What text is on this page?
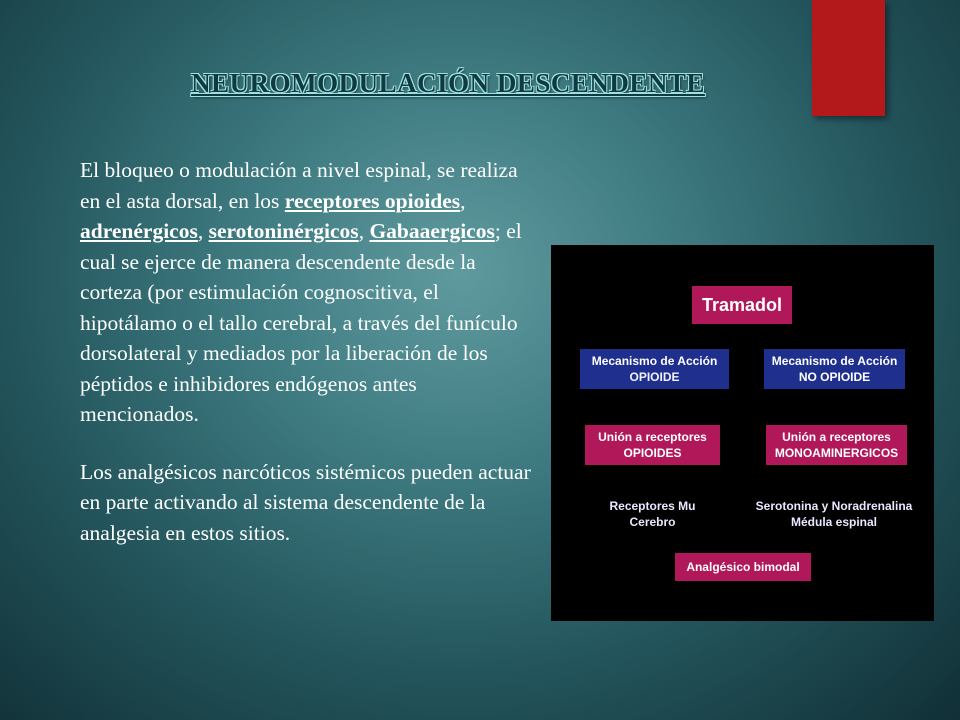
NEUROMODULACIÓN DESCENDENTE

El bloqueo o modulación a nivel espinal, se realiza en el asta dorsal, en los receptores opioides, adrenérgicos, serotoninérgicos, Gabaaergicos; el cual se ejerce de manera descendente desde la corteza (por estimulación cognoscitiva, el hipotálamo o el tallo cerebral, a través del funículo dorsolateral y mediados por la liberación de los péptidos e inhibidores endógenos antes mencionados.

Los analgésicos narcóticos sistémicos pueden actuar en parte activando al sistema descendente de la analgesia en estos sitios.

Tramadol
Mecanismo de Acción
OPIOIDE
Mecanismo de Acción
NO OPIOIDE
Unión a receptores
OPIOIDES
Unión a receptores
MONOAMINERGICOS
Receptores Mu
Cerebro
Serotonina y Noradrenalina
Médula espinal
Analgésico bimodal
